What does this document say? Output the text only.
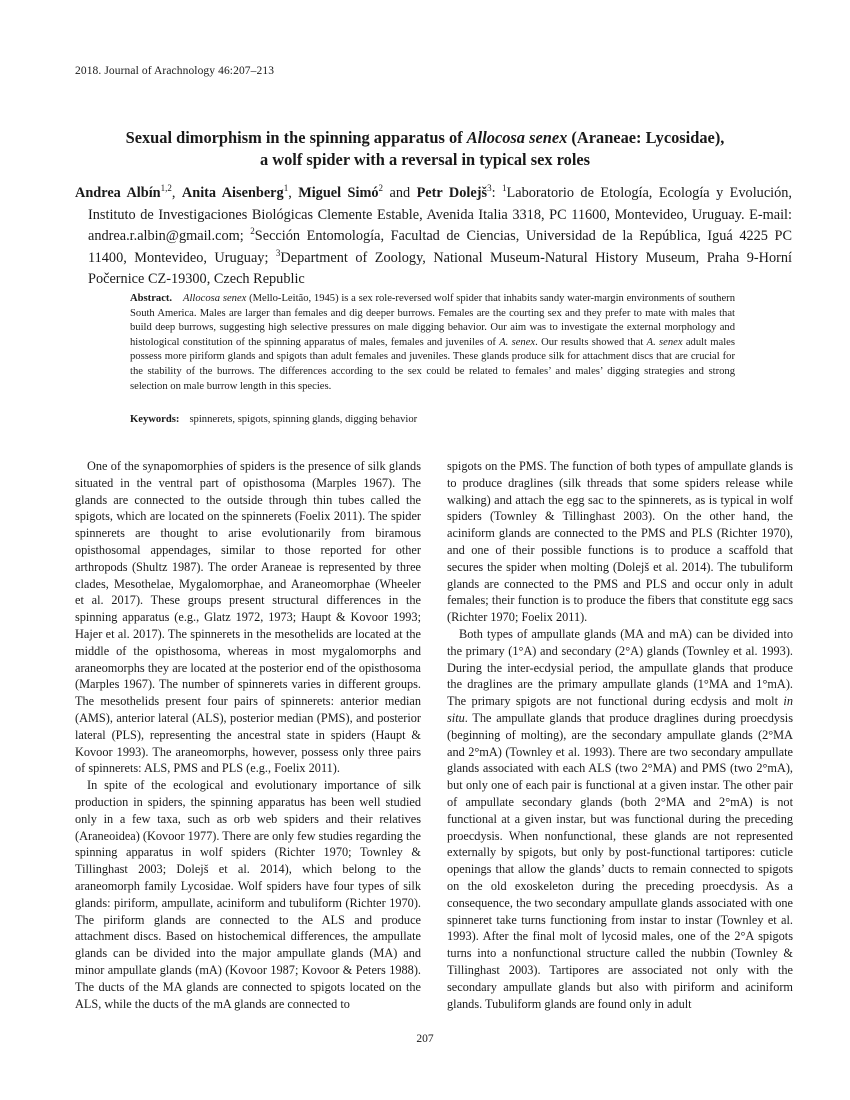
2018. Journal of Arachnology 46:207–213
Sexual dimorphism in the spinning apparatus of Allocosa senex (Araneae: Lycosidae),
a wolf spider with a reversal in typical sex roles
Andrea Albín$^{1,2}$, Anita Aisenberg$^1$, Miguel Simó$^2$ and Petr Dolejš$^3$: $^1$Laboratorio de Etología, Ecología y Evolución,
Instituto de Investigaciones Biológicas Clemente Estable, Avenida Italia 3318, PC 11600, Montevideo, Uruguay. E-mail:
andrea.r.albin@gmail.com; $^2$Sección Entomología, Facultad de Ciencias, Universidad de la República, Iguá 4225 PC
11400, Montevideo, Uruguay; $^3$Department of Zoology, National Museum-Natural History Museum, Praha 9-Horní
Počernice CZ-19300, Czech Republic
Abstract. Allocosa senex (Mello-Leitão, 1945) is a sex role-reversed wolf spider that inhabits sandy water-margin environments of southern South America. Males are larger than females and dig deeper burrows. Females are the courting sex and they prefer to mate with males that build deep burrows, suggesting high selective pressures on male digging behavior. Our aim was to investigate the external morphology and histological constitution of the spinning apparatus of males, females and juveniles of A. senex. Our results showed that A. senex adult males possess more piriform glands and spigots than adult females and juveniles. These glands produce silk for attachment discs that are crucial for the stability of the burrows. The differences according to the sex could be related to females’ and males’ digging strategies and strong selection on male burrow length in this species.
Keywords: spinnerets, spigots, spinning glands, digging behavior

One of the synapomorphies of spiders is the presence of silk glands situated in the ventral part of opisthosoma (Marples 1967). The glands are connected to the outside through thin tubes called the spigots, which are located on the spinnerets (Foelix 2011). The spider spinnerets are thought to arise evolutionarily from biramous opisthosomal appendages, similar to those reported for other arthropods (Shultz 1987). The order Araneae is represented by three clades, Mesothelae, Mygalomorphae, and Araneomorphae (Wheeler et al. 2017). These groups present structural differences in the spinning apparatus (e.g., Glatz 1972, 1973; Haupt & Kovoor 1993; Hajer et al. 2017). The spinnerets in the mesothelids are located at the middle of the opisthosoma, whereas in most mygalomorphs and araneomorphs they are located at the posterior end of the opisthosoma (Marples 1967). The number of spinnerets varies in different groups. The mesothelids present four pairs of spinnerets: anterior median (AMS), anterior lateral (ALS), posterior median (PMS), and posterior lateral (PLS), representing the ancestral state in spiders (Haupt & Kovoor 1993). The araneomorphs, however, possess only three pairs of spinnerets: ALS, PMS and PLS (e.g., Foelix 2011).

In spite of the ecological and evolutionary importance of silk production in spiders, the spinning apparatus has been well studied only in a few taxa, such as orb web spiders and their relatives (Araneoidea) (Kovoor 1977). There are only few studies regarding the spinning apparatus in wolf spiders (Richter 1970; Townley & Tillinghast 2003; Dolejš et al. 2014), which belong to the araneomorph family Lycosidae. Wolf spiders have four types of silk glands: piriform, ampullate, aciniform and tubuliform (Richter 1970). The piriform glands are connected to the ALS and produce attachment discs. Based on histochemical differences, the ampullate glands can be divided into the major ampullate glands (MA) and minor ampullate glands (mA) (Kovoor 1987; Kovoor & Peters 1988). The ducts of the MA glands are connected to spigots located on the ALS, while the ducts of the mA glands are connected to

spigots on the PMS. The function of both types of ampullate glands is to produce draglines (silk threads that some spiders release while walking) and attach the egg sac to the spinnerets, as is typical in wolf spiders (Townley & Tillinghast 2003). On the other hand, the aciniform glands are connected to the PMS and PLS (Richter 1970), and one of their possible functions is to produce a scaffold that secures the spider when molting (Dolejš et al. 2014). The tubuliform glands are connected to the PMS and PLS and occur only in adult females; their function is to produce the fibers that constitute egg sacs (Richter 1970; Foelix 2011).

Both types of ampullate glands (MA and mA) can be divided into the primary (1°A) and secondary (2°A) glands (Townley et al. 1993). During the inter-ecdysial period, the ampullate glands that produce the draglines are the primary ampullate glands (1°MA and 1°mA). The primary spigots are not functional during ecdysis and molt in situ. The ampullate glands that produce draglines during proecdysis (beginning of molting), are the secondary ampullate glands (2°MA and 2°mA) (Townley et al. 1993). There are two secondary ampullate glands associated with each ALS (two 2°MA) and PMS (two 2°mA), but only one of each pair is functional at a given instar. The other pair of ampullate secondary glands (both 2°MA and 2°mA) is not functional at a given instar, but was functional during the preceding proecdysis. When nonfunctional, these glands are not represented externally by spigots, but only by post-functional tartipores: cuticle openings that allow the glands’ ducts to remain connected to spigots on the old exoskeleton during the preceding proecdysis. As a consequence, the two secondary ampullate glands associated with one spinneret take turns functioning from instar to instar (Townley et al. 1993). After the final molt of lycosid males, one of the 2°A spigots turns into a nonfunctional structure called the nubbin (Townley & Tillinghast 2003). Tartipores are associated not only with the secondary ampullate glands but also with piriform and aciniform glands. Tubuliform glands are found only in adult

207
